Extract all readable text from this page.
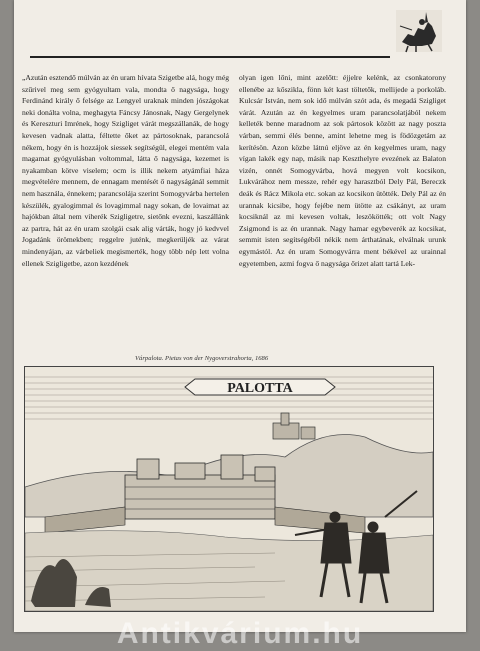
„Azután esztendő múlván az én uram hívata Szigetbe alá, hogy még szűrivel meg sem gyógyultam vala, mondta ő nagysága, hogy Ferdinánd király ő felsége az Lengyel uraknak minden jószágokat neki donálta volna, meghagyta Fáncsy Jánosnak, Nagy Gergelynek és Kereszturi Imrének, hogy Szigliget várát megszállanák, de hogy kevesen vadnak alatta, féltette őket az pártosoknak, parancsolá nékem, hogy én is hozzájok siessek segítségül, elegei mentém vala magamat gyógyulásban voltommal, látta ő nagysága, kezemet is nyakamban kötve viselem; ocm is illik nekem atyámfiai háza megvételére mennem, de ennagam mentését ő nagyságánál semmit nem használa, énnekem; parancsolája szerint Somogyvárba hertelen készülék, gyalogimmal és lovagimmal nagy sokan, de lovaimat az hajókban által nem viherék Szigligetre, sietőnk evezni, kaszállánk az partra, hát az én uram szolgái csak alig várták, hogy jó kedvvel Jogadánk örömekben; reggelre juténk, megkerüljék az várat mindenyájan, az várbeliek megismerték, hogy több nép lett volna ellenek Szigligetbe, azon kezdének

olyan igen lőni, mint azelőtt: éjjelre kelénk, az csonkatorony ellenébe az kőszikla, fönn két kast töltetők, mellijede a porkoláb. Kulcsár István, nem sok idő múlván szót ada, és megadá Szigliget várát. Azután az én kegyelmes uram parancsolatjából nekem kelleték benne maradnom az sok pártosok között az nagy poszta várban, semmi élés benne, amint lehetne meg is födözgetám az kerítésön. Azon közbe látnú eljöve az én kegyelmes uram, nagy vígan lakék egy nap, másik nap Keszthelyre evezének az Balaton vizén, onnét Somogyvárba, hová megyen volt kocsikon, Lukvárához nem messze, rehér egy harasztból Dely Pál, Bereczk deák és Rácz Mikola etc. sokan az kocsikon ütötték. Dely Pál az én urannak kicsibe, hogy fejébe nem ütötte az csákányt, az uram kocsiknál az mi kevesen voltak, leszökötték; ott volt Nagy Zsigmond is az én urannak. Nagy hamar egybeverék az kocsikat, semmit isten segítségéből nékik nem árthatának, elválnak urunk egymástól. Az én uram Somogyvárra ment békével az urainnal egyetemben, azmi fogva ő nagysága őrizet alatt tartá Lek-

Várpalota. Pietas von der Nygoverstrahorta, 1686
PALOTTA
Antikvárium.hu
